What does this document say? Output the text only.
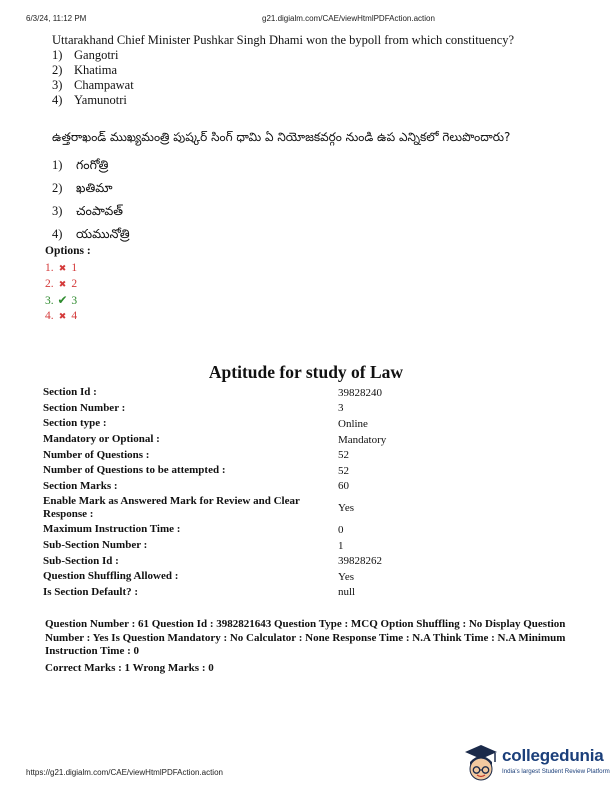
6/3/24, 11:12 PM	g21.digialm.com/CAE/viewHtmlPDFAction.action
Uttarakhand Chief Minister Pushkar Singh Dhami won the bypoll from which constituency?
1) Gangotri
2) Khatima
3) Champawat
4) Yamunotri
ఉత్తరాఖండ్ ముఖ్యమంత్రి పుష్కర్ సింగ్ ధామి ఏ నియోజకవర్గం నుండి ఉప ఎన్నికలో గెలుపొందారు?
1) గంగోత్రి
2) ఖతిమా
3) చంపావత్
4) యమునోత్రి
Options :
1. ✖ 1
2. ✖ 2
3. ✔ 3
4. ✖ 4
Aptitude for study of Law
Section Id :	39828240
Section Number :	3
Section type :	Online
Mandatory or Optional :	Mandatory
Number of Questions :	52
Number of Questions to be attempted :	52
Section Marks :	60
Enable Mark as Answered Mark for Review and Clear Response :	Yes
Maximum Instruction Time :	0
Sub-Section Number :	1
Sub-Section Id :	39828262
Question Shuffling Allowed :	Yes
Is Section Default? :	null
Question Number : 61 Question Id : 3982821643 Question Type : MCQ Option Shuffling : No Display Question Number : Yes Is Question Mandatory : No Calculator : None Response Time : N.A Think Time : N.A Minimum Instruction Time : 0
Correct Marks : 1 Wrong Marks : 0
https://g21.digialm.com/CAE/viewHtmlPDFAction.action
collegedunia
India's largest Student Review Platform
